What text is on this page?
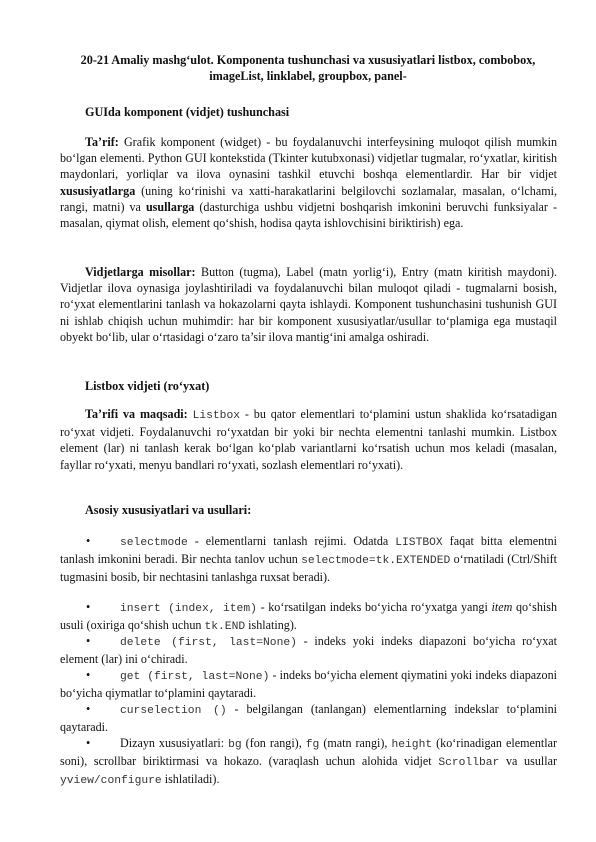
20-21 Amaliy mashg‘ulot. Komponenta tushunchasi va xususiyatlari listbox, combobox, imageList, linklabel, groupbox, panel-
GUIda komponent (vidjet) tushunchasi

Ta’rif: Grafik komponent (widget) - bu foydalanuvchi interfeysining muloqot qilish mumkin bo‘lgan elementi. Python GUI kontekstida (Tkinter kutubxonasi) vidjetlar tugmalar, ro‘yxatlar, kiritish maydonlari, yorliqlar va ilova oynasini tashkil etuvchi boshqa elementlardir. Har bir vidjet xususiyatlarga (uning ko‘rinishi va xatti-harakatlarini belgilovchi sozlamalar, masalan, o‘lchami, rangi, matni) va usullarga (dasturchiga ushbu vidjetni boshqarish imkonini beruvchi funksiyalar - masalan, qiymat olish, element qo‘shish, hodisa qayta ishlovchisini biriktirish) ega.

Vidjetlarga misollar: Button (tugma), Label (matn yorlig‘i), Entry (matn kiritish maydoni). Vidjetlar ilova oynasiga joylashtiriladi va foydalanuvchi bilan muloqot qiladi - tugmalarni bosish, ro‘yxat elementlarini tanlash va hokazolarni qayta ishlaydi. Komponent tushunchasini tushunish GUI ni ishlab chiqish uchun muhimdir: har bir komponent xususiyatlar/usullar to‘plamiga ega mustaqil obyekt bo‘lib, ular o‘rtasidagi o‘zaro ta’sir ilova mantig‘ini amalga oshiradi.

Listbox vidjeti (ro‘yxat)

Ta’rifi va maqsadi: Listbox - bu qator elementlari to‘plamini ustun shaklida ko‘rsatadigan ro‘yxat vidjeti. Foydalanuvchi ro‘yxatdan bir yoki bir nechta elementni tanlashi mumkin. Listbox element (lar) ni tanlash kerak bo‘lgan ko‘plab variantlarni ko‘rsatish uchun mos keladi (masalan, fayllar ro‘yxati, menyu bandlari ro‘yxati, sozlash elementlari ro‘yxati).

Asosiy xususiyatlari va usullari:
•	selectmode - elementlarni tanlash rejimi. Odatda LISTBOX faqat bitta elementni tanlash imkonini beradi. Bir nechta tanlov uchun selectmode=tk.EXTENDED o‘rnatiladi (Ctrl/Shift tugmasini bosib, bir nechtasini tanlashga ruxsat beradi).
•	insert (index, item) - ko‘rsatilgan indeks bo‘yicha ro‘yxatga yangi item qo‘shish usuli (oxiriga qo‘shish uchun tk.END ishlating).
•	delete (first, last=None) - indeks yoki indeks diapazoni bo‘yicha ro‘yxat element (lar) ini o‘chiradi.
•	get (first, last=None) - indeks bo‘yicha element qiymatini yoki indeks diapazoni bo‘yicha qiymatlar to‘plamini qaytaradi.
•	curselection () - belgilangan (tanlangan) elementlarning indekslar to‘plamini qaytaradi.
•	Dizayn xususiyatlari: bg (fon rangi), fg (matn rangi), height (ko‘rinadigan elementlar soni), scrollbar biriktirmasi va hokazo. (varaqlash uchun alohida vidjet Scrollbar va usullar yview/configure ishlatiladi).
